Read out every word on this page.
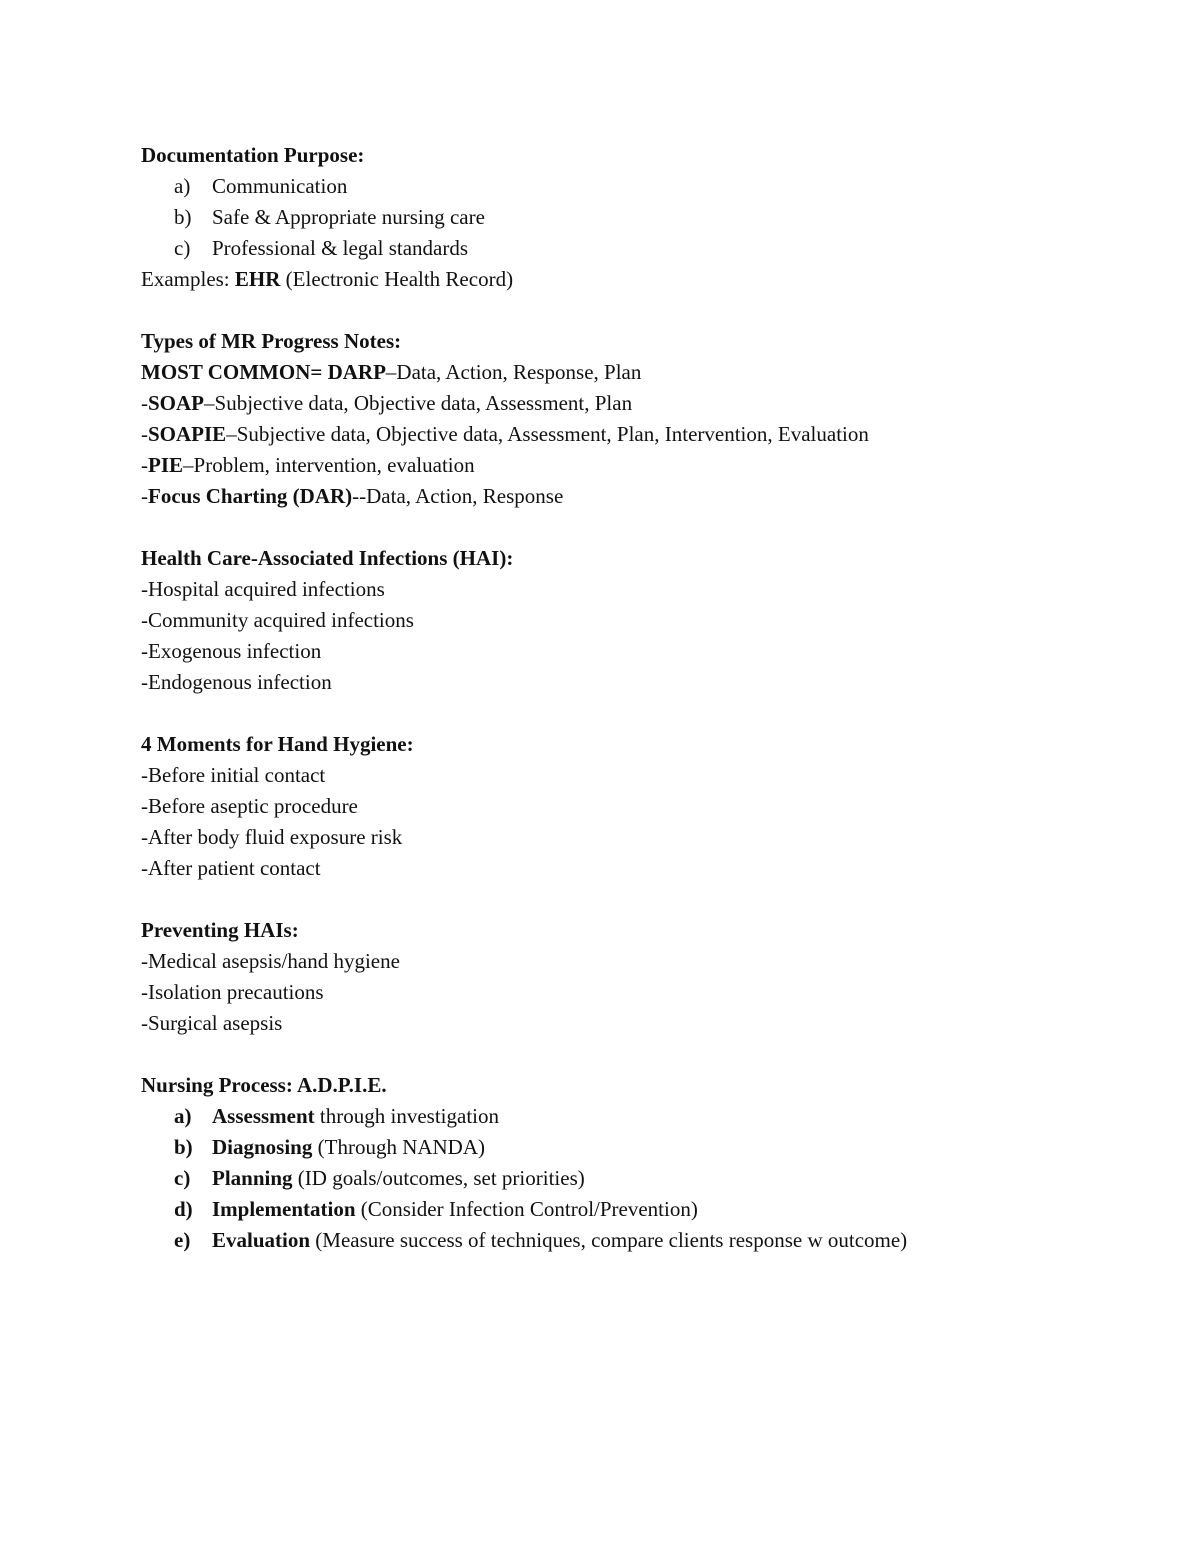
Documentation Purpose:
a) Communication
b) Safe & Appropriate nursing care
c) Professional & legal standards
Examples: EHR (Electronic Health Record)
Types of MR Progress Notes:
MOST COMMON= DARP–Data, Action, Response, Plan
-SOAP–Subjective data, Objective data, Assessment, Plan
-SOAPIE–Subjective data, Objective data, Assessment, Plan, Intervention, Evaluation
-PIE–Problem, intervention, evaluation
-Focus Charting (DAR)--Data, Action, Response
Health Care-Associated Infections (HAI):
-Hospital acquired infections
-Community acquired infections
-Exogenous infection
-Endogenous infection
4 Moments for Hand Hygiene:
-Before initial contact
-Before aseptic procedure
-After body fluid exposure risk
-After patient contact
Preventing HAIs:
-Medical asepsis/hand hygiene
-Isolation precautions
-Surgical asepsis
Nursing Process: A.D.P.I.E.
a) Assessment through investigation
b) Diagnosing (Through NANDA)
c) Planning (ID goals/outcomes, set priorities)
d) Implementation (Consider Infection Control/Prevention)
e) Evaluation (Measure success of techniques, compare clients response w outcome)
